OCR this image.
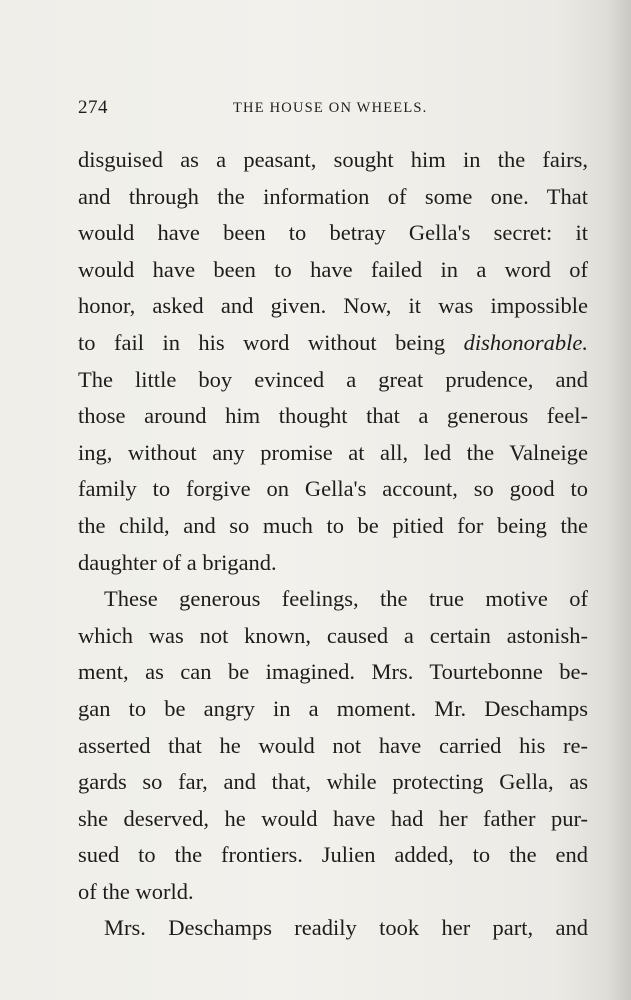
274	THE HOUSE ON WHEELS.
disguised as a peasant, sought him in the fairs,
and through the information of some one. That
would have been to betray Gella's secret: it
would have been to have failed in a word of
honor, asked and given. Now, it was impossible
to fail in his word without being dishonorable.
The little boy evinced a great prudence, and
those around him thought that a generous feel-
ing, without any promise at all, led the Valneige
family to forgive on Gella's account, so good to
the child, and so much to be pitied for being the
daughter of a brigand.
These generous feelings, the true motive of
which was not known, caused a certain astonish-
ment, as can be imagined. Mrs. Tourtebonne be-
gan to be angry in a moment. Mr. Deschamps
asserted that he would not have carried his re-
gards so far, and that, while protecting Gella, as
she deserved, he would have had her father pur-
sued to the frontiers. Julien added, to the end
of the world.
Mrs. Deschamps readily took her part, and
